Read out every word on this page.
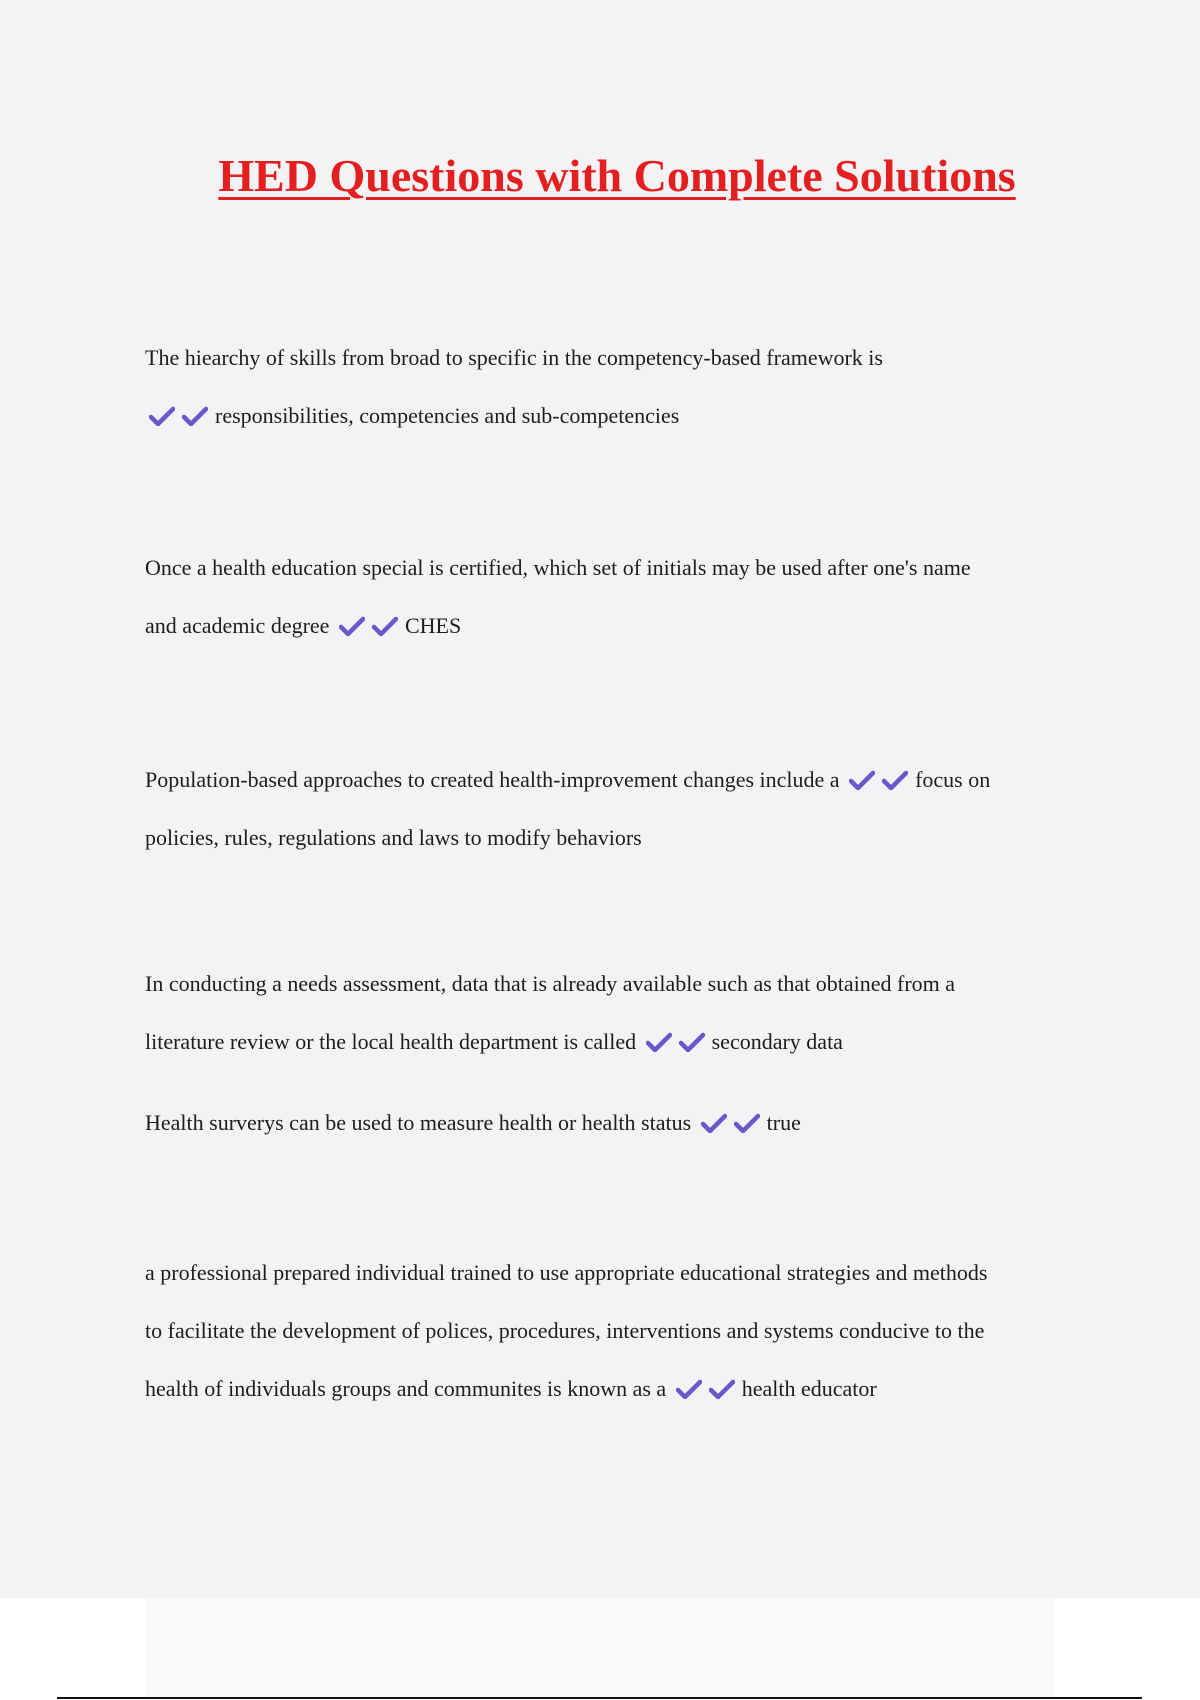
HED Questions with Complete Solutions
The hiearchy of skills from broad to specific in the competency-based framework is
responsibilities, competencies and sub-competencies
Once a health education special is certified, which set of initials may be used after one's name
and academic degree	CHES
Population-based approaches to created health-improvement changes include a	focus on
policies, rules, regulations and laws to modify behaviors
In conducting a needs assessment, data that is already available such as that obtained from a
literature review or the local health department is called	secondary data
Health surverys can be used to measure health or health status	true
a professional prepared individual trained to use appropriate educational strategies and methods
to facilitate the development of polices, procedures, interventions and systems conducive to the
health of individuals groups and communites is known as a	health educator
